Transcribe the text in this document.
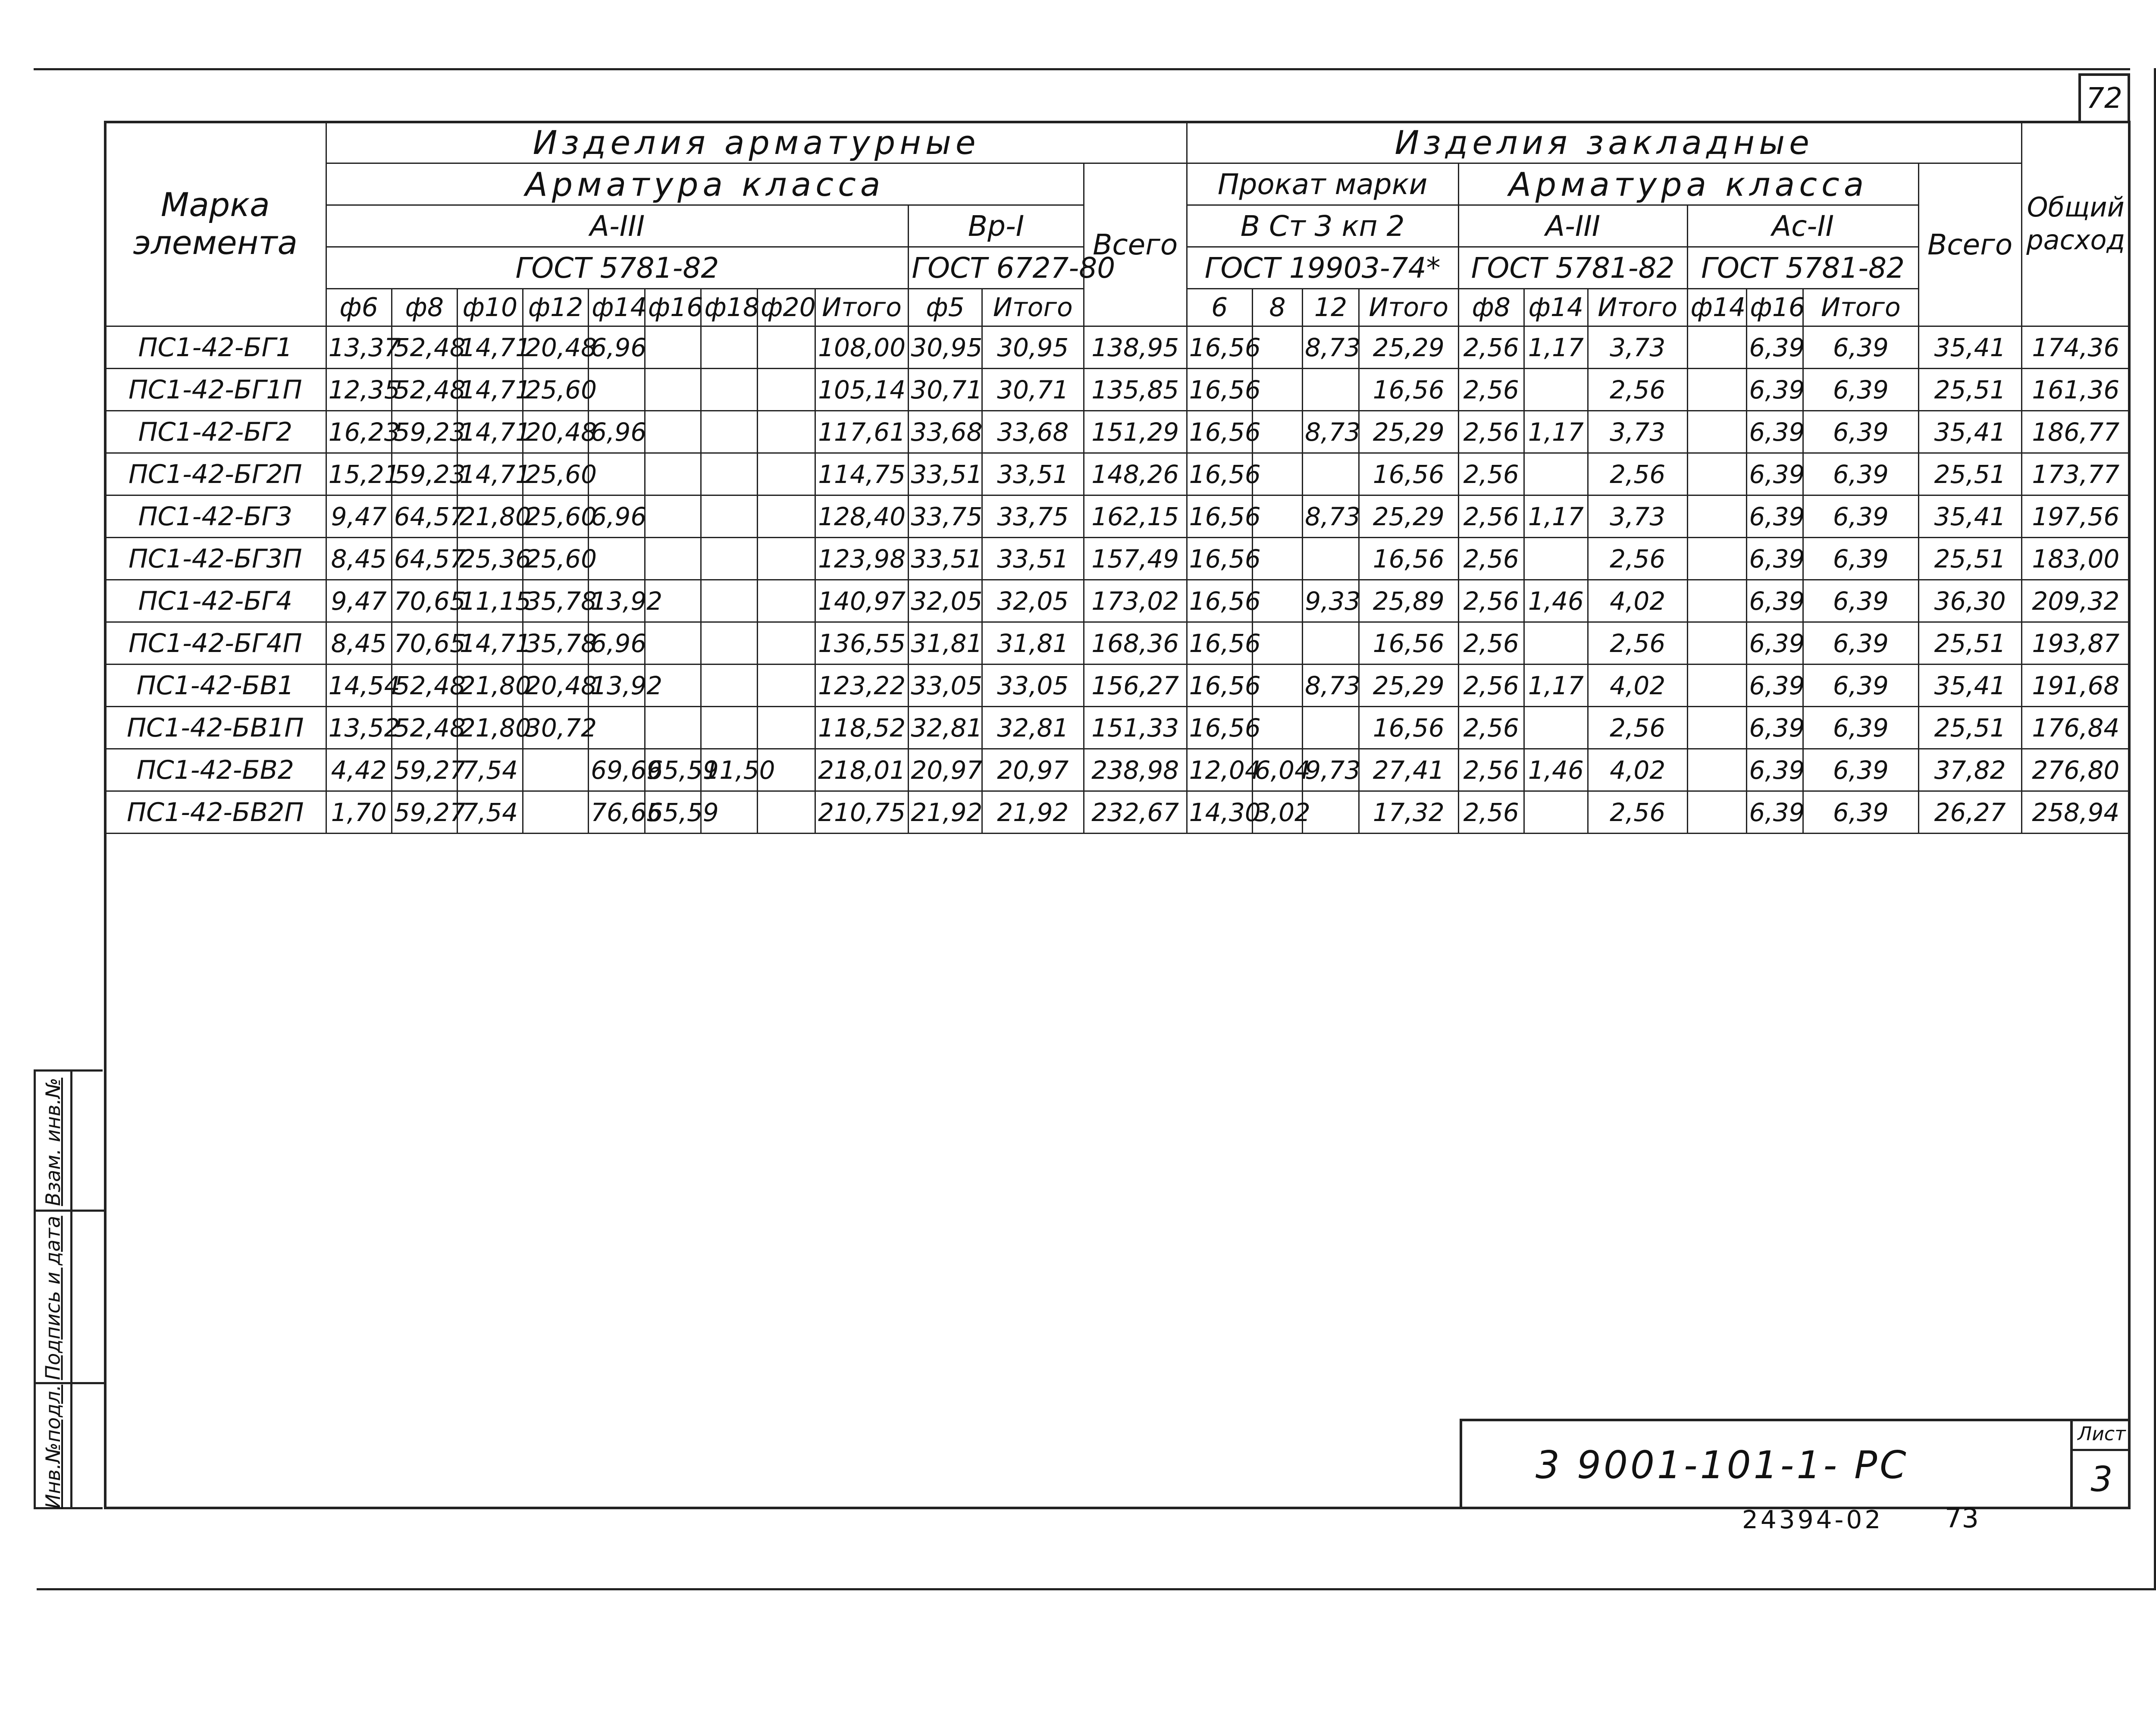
72
Марка элемента	Изделия арматурные												Изделия закладные											Общий расход
	Арматура класса											Всего	Прокат марки				Арматура класса						Всего	
	А-III									Вр-I			В Ст 3 кп 2				А-III			Ас-II				
	ГОСТ 5781-82									ГОСТ 6727-80			ГОСТ 19903-74*				ГОСТ 5781-82			ГОСТ 5781-82				
	ф6	ф8	ф10	ф12	ф14	ф16	ф18	ф20	Итого	ф5	Итого		6	8	12	Итого	ф8	ф14	Итого	ф14	ф16	Итого		
ПС1-42-БГ1	13,37	52,48	14,71	20,48	6,96				108,00	30,95	30,95	138,95	16,56		8,73	25,29	2,56	1,17	3,73		6,39	6,39	35,41	174,36
ПС1-42-БГ1П	12,35	52,48	14,71	25,60					105,14	30,71	30,71	135,85	16,56			16,56	2,56		2,56		6,39	6,39	25,51	161,36
ПС1-42-БГ2	16,23	59,23	14,71	20,48	6,96				117,61	33,68	33,68	151,29	16,56		8,73	25,29	2,56	1,17	3,73		6,39	6,39	35,41	186,77
ПС1-42-БГ2П	15,21	59,23	14,71	25,60					114,75	33,51	33,51	148,26	16,56			16,56	2,56		2,56		6,39	6,39	25,51	173,77
ПС1-42-БГ3	9,47	64,57	21,80	25,60	6,96				128,40	33,75	33,75	162,15	16,56		8,73	25,29	2,56	1,17	3,73		6,39	6,39	35,41	197,56
ПС1-42-БГ3П	8,45	64,57	25,36	25,60					123,98	33,51	33,51	157,49	16,56			16,56	2,56		2,56		6,39	6,39	25,51	183,00
ПС1-42-БГ4	9,47	70,65	11,15	35,78	13,92				140,97	32,05	32,05	173,02	16,56		9,33	25,89	2,56	1,46	4,02		6,39	6,39	36,30	209,32
ПС1-42-БГ4П	8,45	70,65	14,71	35,78	6,96				136,55	31,81	31,81	168,36	16,56			16,56	2,56		2,56		6,39	6,39	25,51	193,87
ПС1-42-БВ1	14,54	52,48	21,80	20,48	13,92				123,22	33,05	33,05	156,27	16,56		8,73	25,29	2,56	1,17	4,02		6,39	6,39	35,41	191,68
ПС1-42-БВ1П	13,52	52,48	21,80	30,72					118,52	32,81	32,81	151,33	16,56			16,56	2,56		2,56		6,39	6,39	25,51	176,84
ПС1-42-БВ2	4,42	59,27	7,54		69,69	65,59	11,50		218,01	20,97	20,97	238,98	12,04	6,04	9,73	27,41	2,56	1,46	4,02		6,39	6,39	37,82	276,80
ПС1-42-БВ2П	1,70	59,27	7,54		76,65	65,59			210,75	21,92	21,92	232,67	14,30	3,02		17,32	2,56		2,56		6,39	6,39	26,27	258,94
Взам. инв.№
Подпись и дата
Инв.№подл.	3 9001-101-1- РС
Лист
3
24394-02 73
